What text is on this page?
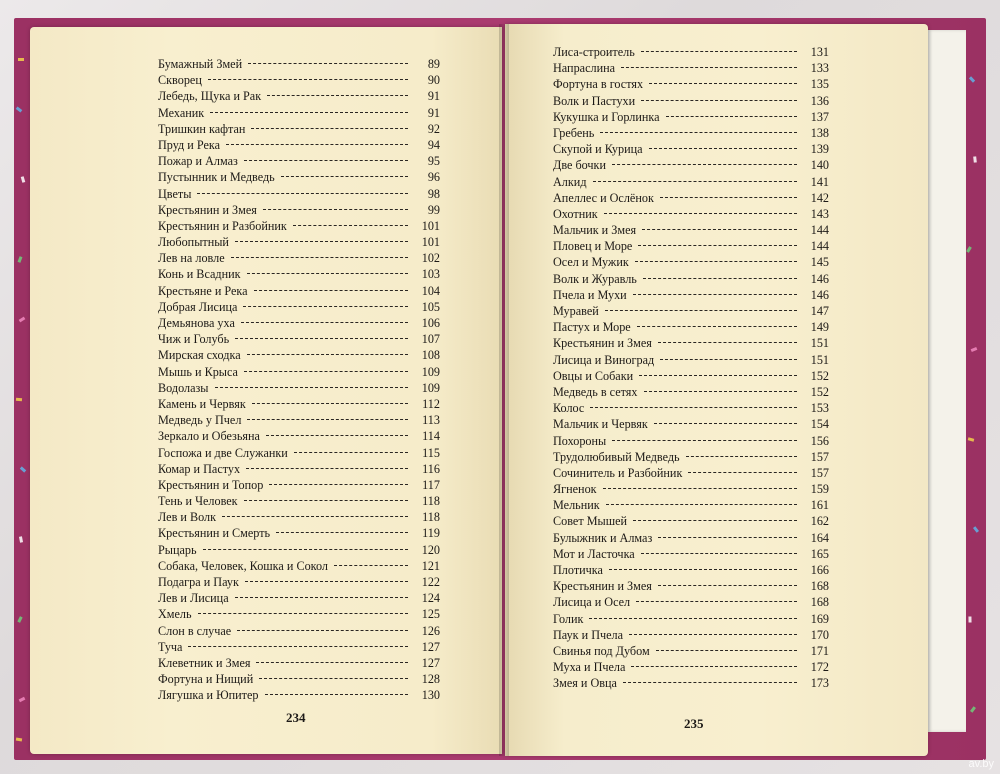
Бумажный Змей	89
Скворец	90
Лебедь, Щука и Рак	91
Механик	91
Тришкин кафтан	92
Пруд и Река	94
Пожар и Алмаз	95
Пустынник и Медведь	96
Цветы	98
Крестьянин и Змея	99
Крестьянин и Разбойник	101
Любопытный	101
Лев на ловле	102
Конь и Всадник	103
Крестьяне и Река	104
Добрая Лисица	105
Демьянова уха	106
Чиж и Голубь	107
Мирская сходка	108
Мышь и Крыса	109
Водолазы	109
Камень и Червяк	112
Медведь у Пчел	113
Зеркало и Обезьяна	114
Госпожа и две Служанки	115
Комар и Пастух	116
Крестьянин и Топор	117
Тень и Человек	118
Лев и Волк	118
Крестьянин и Смерть	119
Рыцарь	120
Собака, Человек, Кошка и Сокол	121
Подагра и Паук	122
Лев и Лисица	124
Хмель	125
Слон в случае	126
Туча	127
Клеветник и Змея	127
Фортуна и Нищий	128
Лягушка и Юпитер	130
Лиса-строитель	131
Напраслина	133
Фортуна в гостях	135
Волк и Пастухи	136
Кукушка и Горлинка	137
Гребень	138
Скупой и Курица	139
Две бочки	140
Алкид	141
Апеллес и Ослёнок	142
Охотник	143
Мальчик и Змея	144
Пловец и Море	144
Осел и Мужик	145
Волк и Журавль	146
Пчела и Мухи	146
Муравей	147
Пастух и Море	149
Крестьянин и Змея	151
Лисица и Виноград	151
Овцы и Собаки	152
Медведь в сетях	152
Колос	153
Мальчик и Червяк	154
Похороны	156
Трудолюбивый Медведь	157
Сочинитель и Разбойник	157
Ягненок	159
Мельник	161
Совет Мышей	162
Булыжник и Алмаз	164
Мот и Ласточка	165
Плотичка	166
Крестьянин и Змея	168
Лисица и Осел	168
Голик	169
Паук и Пчела	170
Свинья под Дубом	171
Муха и Пчела	172
Змея и Овца	173
234	235
av.by
